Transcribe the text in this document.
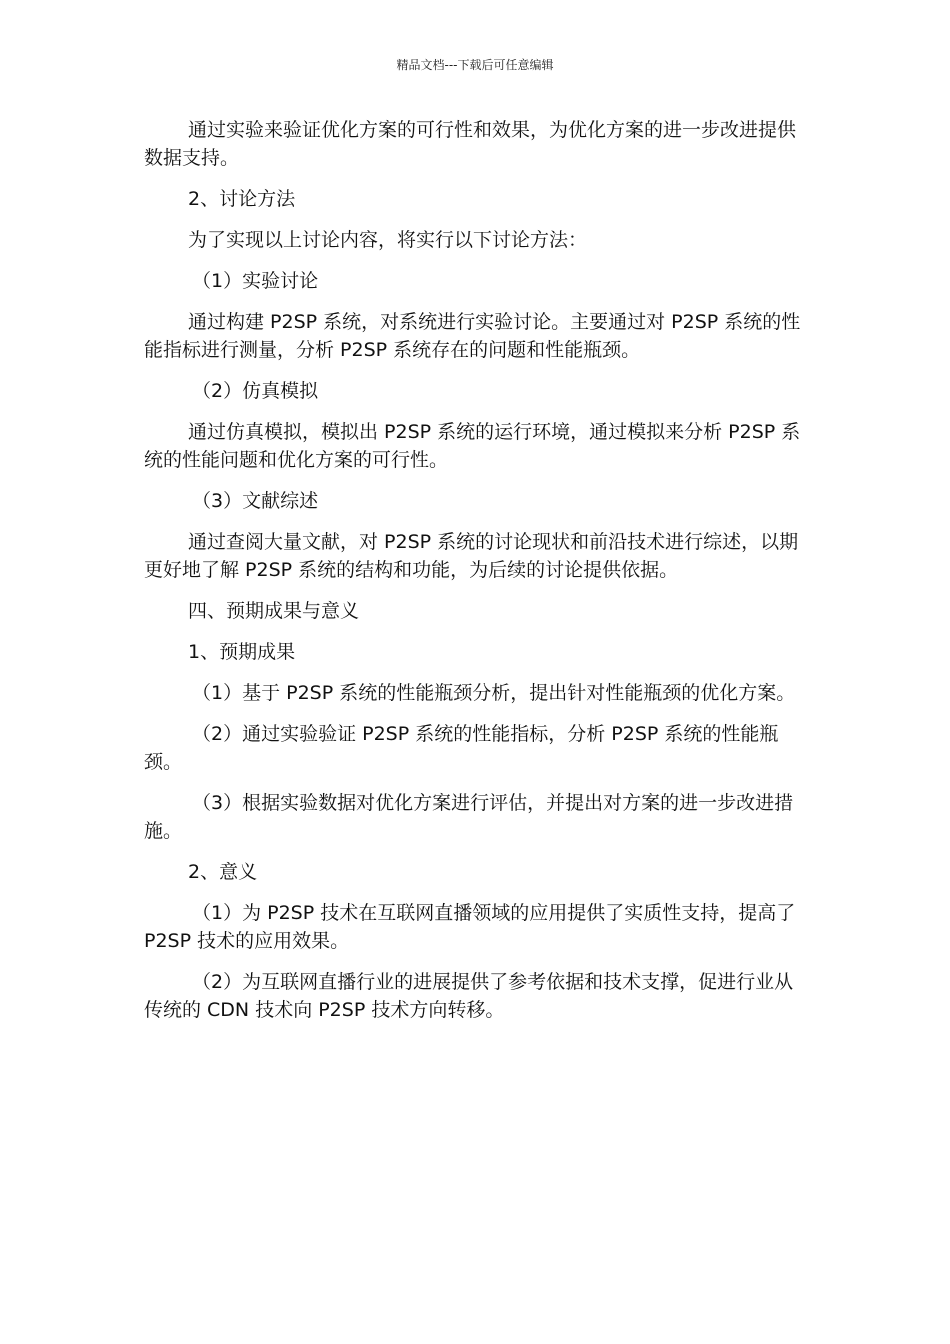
精品文档---下载后可任意编辑

通过实验来验证优化方案的可行性和效果，为优化方案的进一步改进提供数据支持。

2、讨论方法

为了实现以上讨论内容，将实行以下讨论方法：

（1）实验讨论

通过构建 P2SP 系统，对系统进行实验讨论。主要通过对 P2SP 系统的性能指标进行测量，分析 P2SP 系统存在的问题和性能瓶颈。

（2）仿真模拟

通过仿真模拟，模拟出 P2SP 系统的运行环境，通过模拟来分析 P2SP 系统的性能问题和优化方案的可行性。

（3）文献综述

通过查阅大量文献，对 P2SP 系统的讨论现状和前沿技术进行综述，以期更好地了解 P2SP 系统的结构和功能，为后续的讨论提供依据。

四、预期成果与意义

1、预期成果

（1）基于 P2SP 系统的性能瓶颈分析，提出针对性能瓶颈的优化方案。

（2）通过实验验证 P2SP 系统的性能指标，分析 P2SP 系统的性能瓶颈。

（3）根据实验数据对优化方案进行评估，并提出对方案的进一步改进措施。

2、意义

（1）为 P2SP 技术在互联网直播领域的应用提供了实质性支持，提高了 P2SP 技术的应用效果。

（2）为互联网直播行业的进展提供了参考依据和技术支撑，促进行业从传统的 CDN 技术向 P2SP 技术方向转移。
